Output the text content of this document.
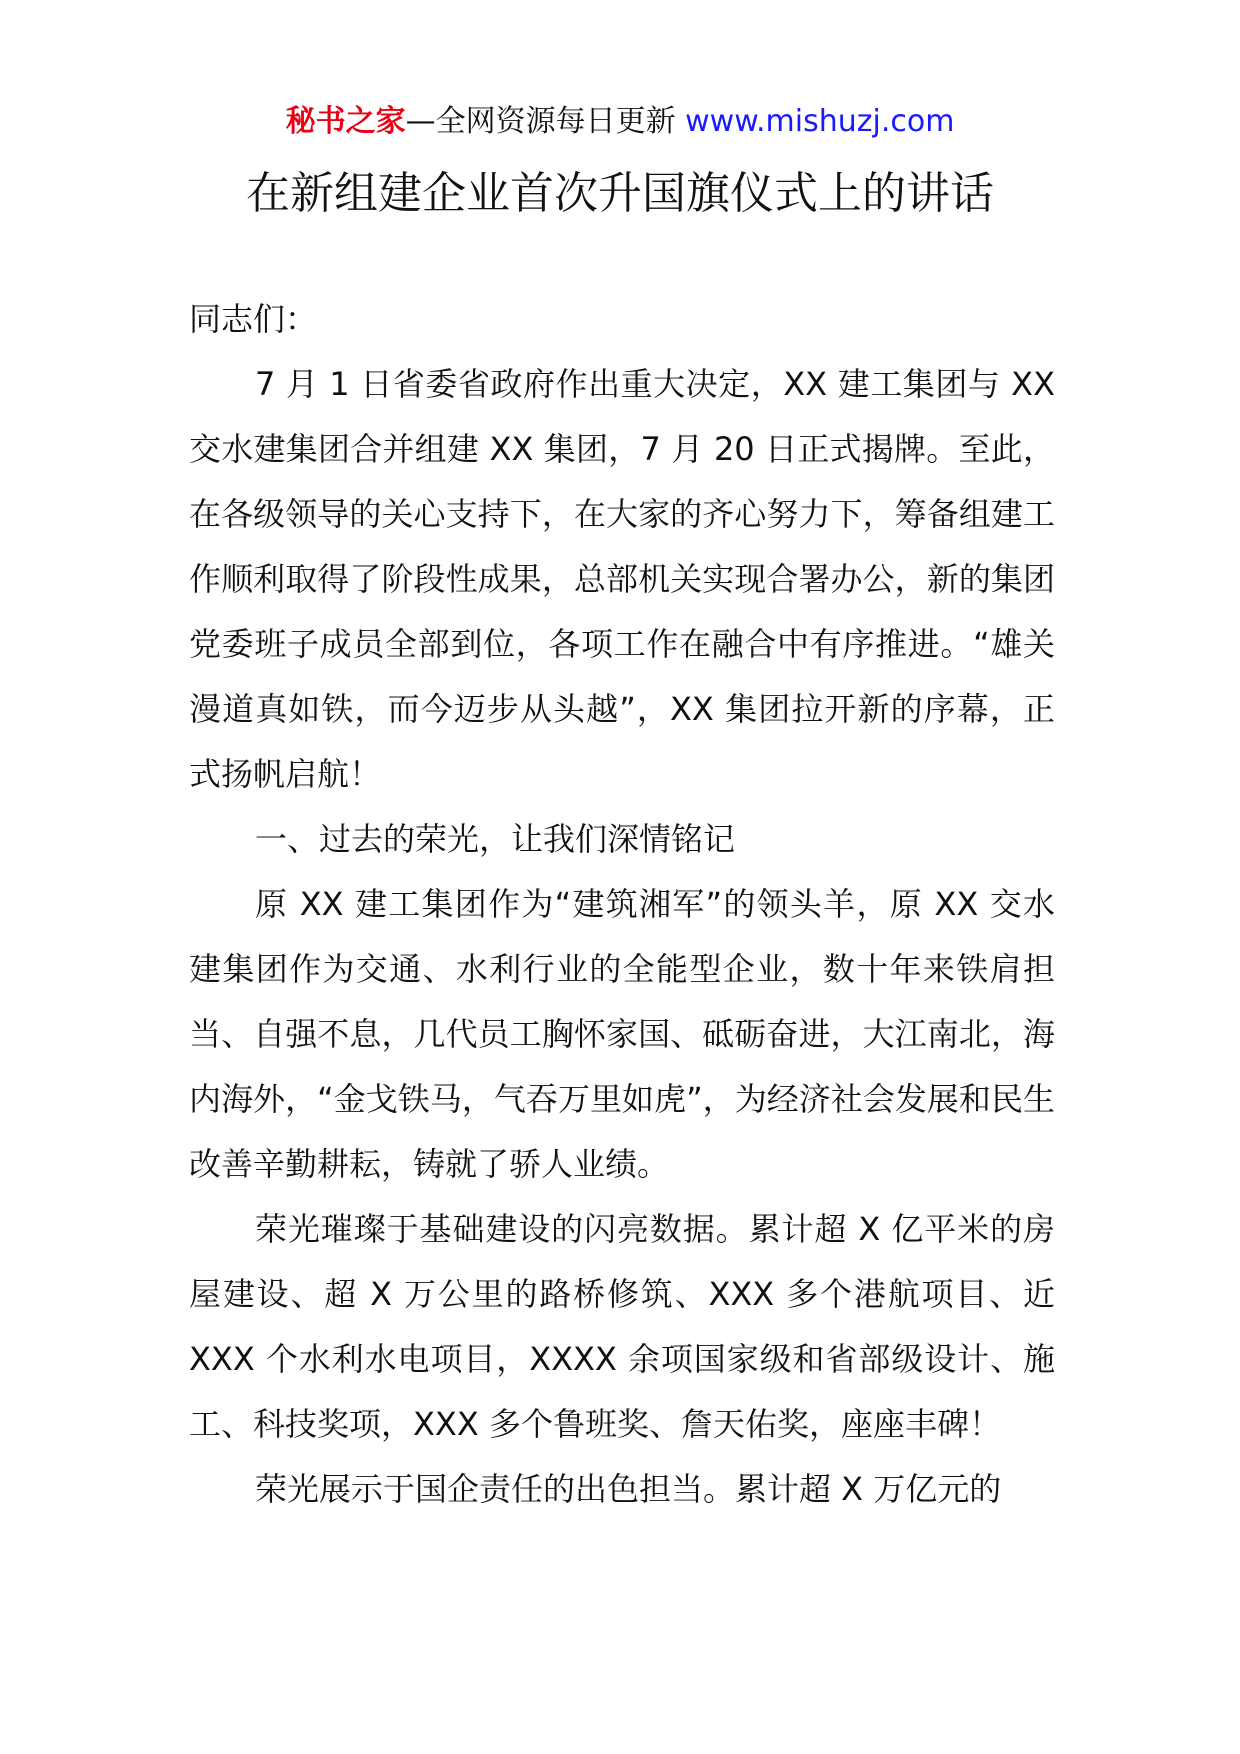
秘书之家—全网资源每日更新 www.mishuzj.com
在新组建企业首次升国旗仪式上的讲话

同志们：

7 月 1 日省委省政府作出重大决定，XX 建工集团与 XX 交水建集团合并组建 XX 集团，7 月 20 日正式揭牌。至此，在各级领导的关心支持下，在大家的齐心努力下，筹备组建工作顺利取得了阶段性成果，总部机关实现合署办公，新的集团党委班子成员全部到位，各项工作在融合中有序推进。“雄关漫道真如铁，而今迈步从头越”，XX 集团拉开新的序幕，正式扬帆启航！

一、过去的荣光，让我们深情铭记

原 XX 建工集团作为“建筑湘军”的领头羊，原 XX 交水建集团作为交通、水利行业的全能型企业，数十年来铁肩担当、自强不息，几代员工胸怀家国、砥砺奋进，大江南北，海内海外，“金戈铁马，气吞万里如虎”，为经济社会发展和民生改善辛勤耕耘，铸就了骄人业绩。

荣光璀璨于基础建设的闪亮数据。累计超 X 亿平米的房屋建设、超 X 万公里的路桥修筑、XXX 多个港航项目、近 XXX 个水利水电项目，XXXX 余项国家级和省部级设计、施工、科技奖项，XXX 多个鲁班奖、詹天佑奖，座座丰碑！

荣光展示于国企责任的出色担当。累计超 X 万亿元的
